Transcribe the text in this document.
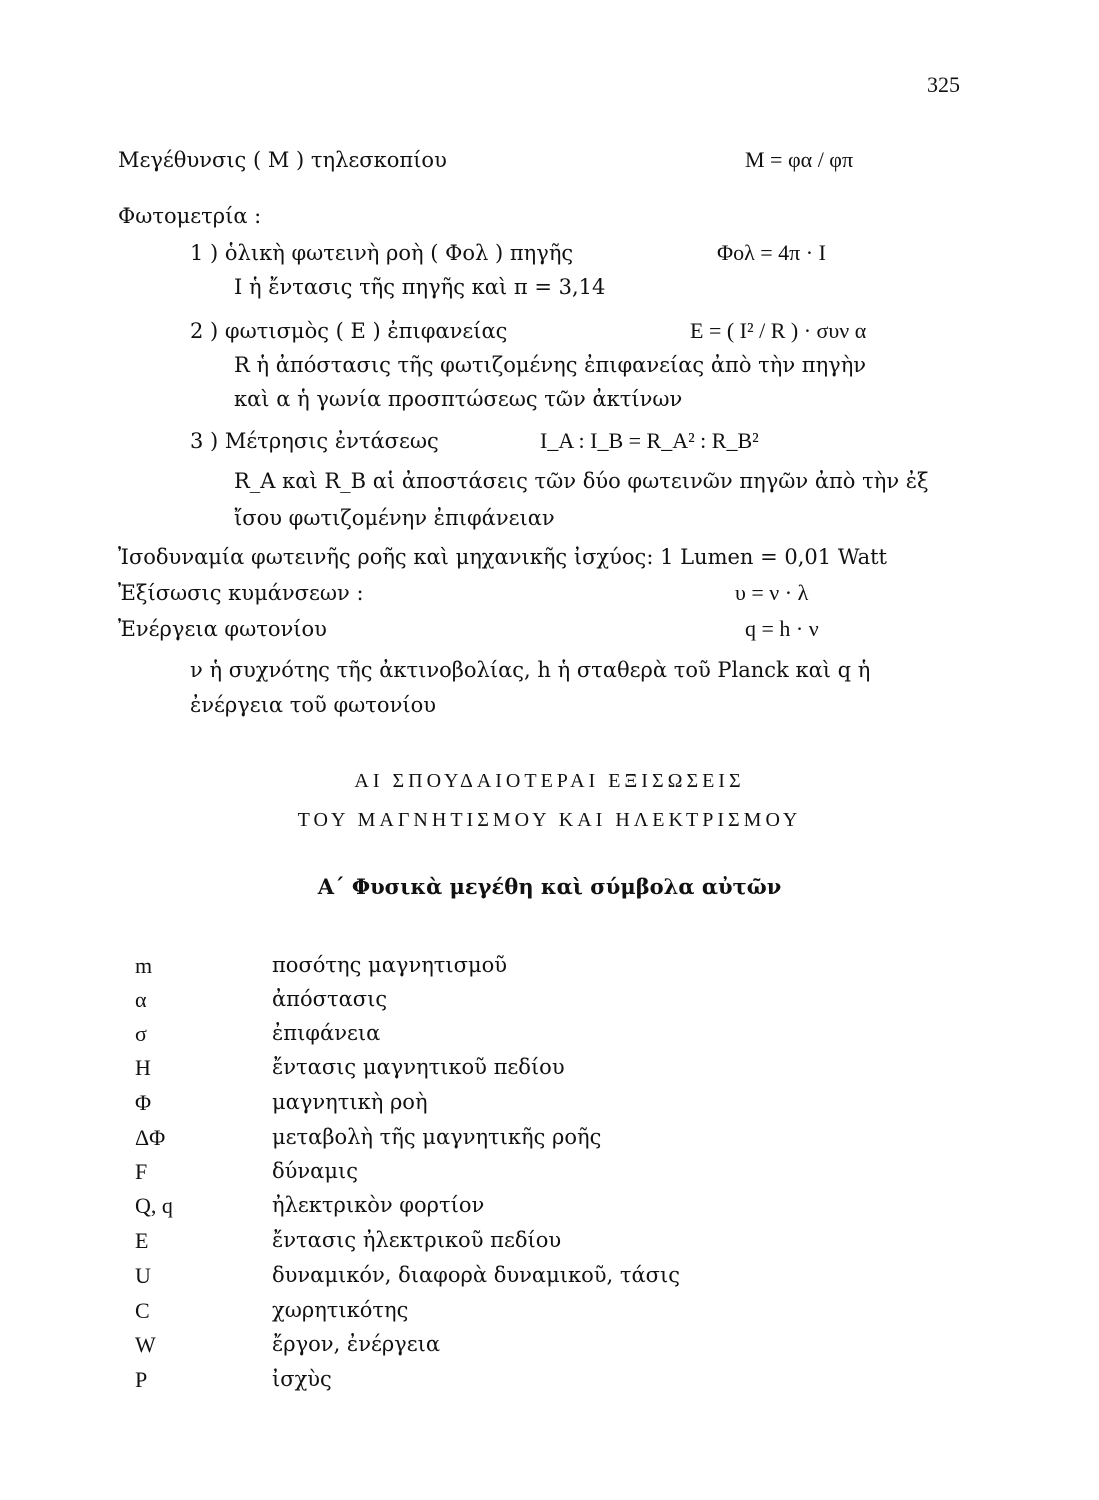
325
Μεγέθυνσις ( Μ ) τηλεσκοπίου	Μ = φα / φπ
Φωτομετρία :
1 ) ὁλικὴ φωτεινὴ ροὴ ( Φολ ) πηγῆς	Φολ = 4π · Ι
Ι ἡ ἔντασις τῆς πηγῆς καὶ π = 3,14
2 ) φωτισμὸς ( Ε ) ἐπιφανείας	Ε = ( Ι² / R ) · συν α
R ἡ ἀπόστασις τῆς φωτιζομένης ἐπιφανείας ἀπὸ τὴν πηγὴν
καὶ α ἡ γωνία προσπτώσεως τῶν ἀκτίνων
3 ) Μέτρησις ἐντάσεως	Ι_A : Ι_B = R_A² : R_B²
R_A καὶ R_B αἱ ἀποστάσεις τῶν δύο φωτεινῶν πηγῶν ἀπὸ τὴν ἐξ
ἴσου φωτιζομένην ἐπιφάνειαν
Ἰσοδυναμία φωτεινῆς ροῆς καὶ μηχανικῆς ἰσχύος: 1 Lumen = 0,01 Watt
Ἐξίσωσις κυμάνσεων :	υ = ν · λ
Ἐνέργεια φωτονίου	q = h · ν
ν ἡ συχνότης τῆς ἀκτινοβολίας, h ἡ σταθερὰ τοῦ Planck καὶ q ἡ
ἐνέργεια τοῦ φωτονίου
ΑΙ ΣΠΟΥΔΑΙΟΤΕΡΑΙ ΕΞΙΣΩΣΕΙΣ
ΤΟΥ ΜΑΓΝΗΤΙΣΜΟΥ ΚΑΙ ΗΛΕΚΤΡΙΣΜΟΥ
Α΄ Φυσικὰ μεγέθη καὶ σύμβολα αὐτῶν
m	ποσότης μαγνητισμοῦ
α	ἀπόστασις
σ	ἐπιφάνεια
H	ἔντασις μαγνητικοῦ πεδίου
Φ	μαγνητικὴ ροὴ
ΔΦ	μεταβολὴ τῆς μαγνητικῆς ροῆς
F	δύναμις
Q, q	ἠλεκτρικὸν φορτίον
E	ἔντασις ἠλεκτρικοῦ πεδίου
U	δυναμικόν, διαφορὰ δυναμικοῦ, τάσις
C	χωρητικότης
W	ἔργον, ἐνέργεια
P	ἰσχὺς
